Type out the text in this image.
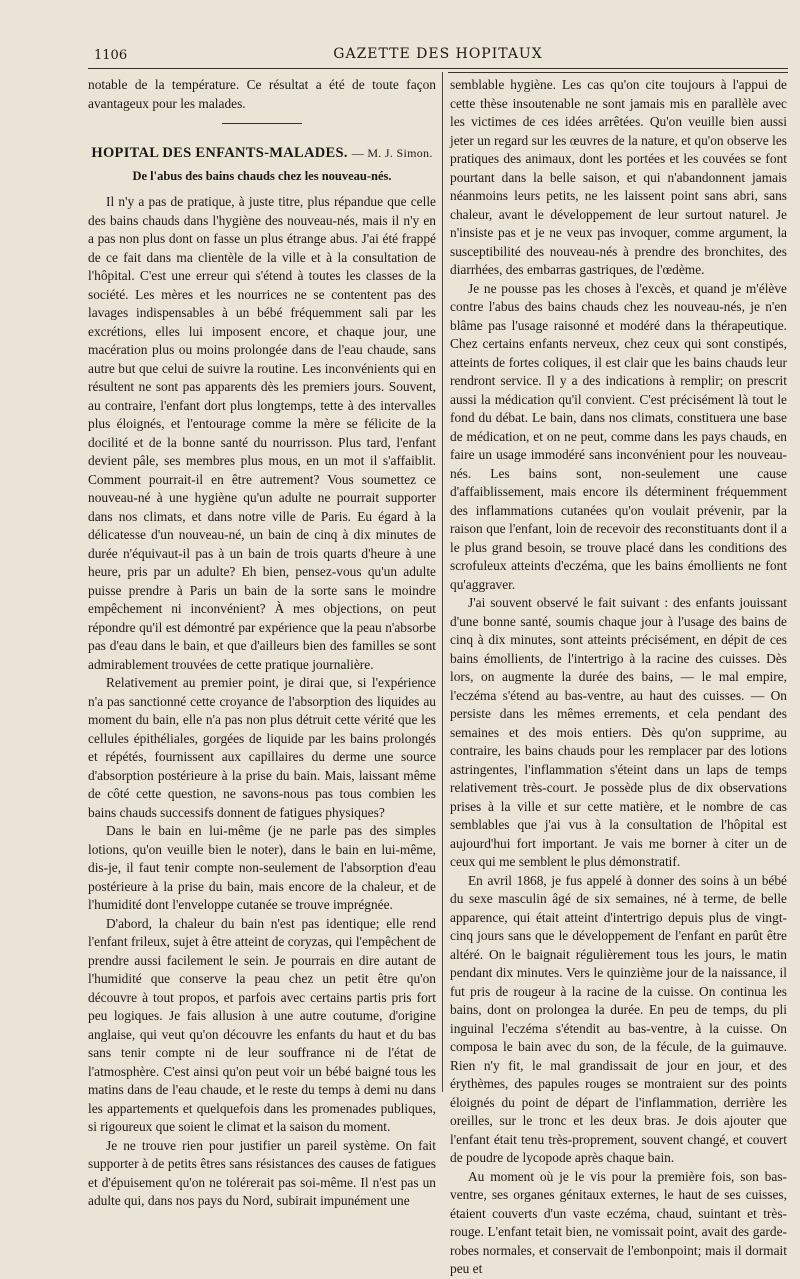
1106	GAZETTE DES HOPITAUX

notable de la température. Ce résultat a été de toute façon avantageux pour les malades.

HOPITAL DES ENFANTS-MALADES. — M. J. Simon.
De l'abus des bains chauds chez les nouveau-nés.

Il n'y a pas de pratique, à juste titre, plus répandue que celle des bains chauds dans l'hygiène des nouveau-nés, mais il n'y en a pas non plus dont on fasse un plus étrange abus. J'ai été frappé de ce fait dans ma clientèle de la ville et à la consultation de l'hôpital. C'est une erreur qui s'étend à toutes les classes de la société. Les mères et les nourrices ne se contentent pas des lavages indispensables à un bébé fréquemment sali par les excrétions, elles lui imposent encore, et chaque jour, une macération plus ou moins prolongée dans de l'eau chaude, sans autre but que celui de suivre la routine. Les inconvénients qui en résultent ne sont pas apparents dès les premiers jours. Souvent, au contraire, l'enfant dort plus longtemps, tette à des intervalles plus éloignés, et l'entourage comme la mère se félicite de la docilité et de la bonne santé du nourrisson. Plus tard, l'enfant devient pâle, ses membres plus mous, en un mot il s'affaiblit. Comment pourrait-il en être autrement? Vous soumettez ce nouveau-né à une hygiène qu'un adulte ne pourrait supporter dans nos climats, et dans notre ville de Paris. Eu égard à la délicatesse d'un nouveau-né, un bain de cinq à dix minutes de durée n'équivaut-il pas à un bain de trois quarts d'heure à une heure, pris par un adulte? Eh bien, pensez-vous qu'un adulte puisse prendre à Paris un bain de la sorte sans le moindre empêchement ni inconvénient? À mes objections, on peut répondre qu'il est démontré par expérience que la peau n'absorbe pas d'eau dans le bain, et que d'ailleurs bien des familles se sont admirablement trouvées de cette pratique journalière.

Relativement au premier point, je dirai que, si l'expérience n'a pas sanctionné cette croyance de l'absorption des liquides au moment du bain, elle n'a pas non plus détruit cette vérité que les cellules épithéliales, gorgées de liquide par les bains prolongés et répétés, fournissent aux capillaires du derme une source d'absorption postérieure à la prise du bain. Mais, laissant même de côté cette question, ne savons-nous pas tous combien les bains chauds successifs donnent de fatigues physiques?

Dans le bain en lui-même (je ne parle pas des simples lotions, qu'on veuille bien le noter), dans le bain en lui-même, dis-je, il faut tenir compte non-seulement de l'absorption d'eau postérieure à la prise du bain, mais encore de la chaleur, et de l'humidité dont l'enveloppe cutanée se trouve imprégnée.

D'abord, la chaleur du bain n'est pas identique; elle rend l'enfant frileux, sujet à être atteint de coryzas, qui l'empêchent de prendre aussi facilement le sein. Je pourrais en dire autant de l'humidité que conserve la peau chez un petit être qu'on découvre à tout propos, et parfois avec certains partis pris fort peu logiques. Je fais allusion à une autre coutume, d'origine anglaise, qui veut qu'on découvre les enfants du haut et du bas sans tenir compte ni de leur souffrance ni de l'état de l'atmosphère. C'est ainsi qu'on peut voir un bébé baigné tous les matins dans de l'eau chaude, et le reste du temps à demi nu dans les appartements et quelquefois dans les promenades publiques, si rigoureux que soient le climat et la saison du moment.

Je ne trouve rien pour justifier un pareil système. On fait supporter à de petits êtres sans résistances des causes de fatigues et d'épuisement qu'on ne tolérerait pas soi-même. Il n'est pas un adulte qui, dans nos pays du Nord, subirait impunément une

semblable hygiène. Les cas qu'on cite toujours à l'appui de cette thèse insoutenable ne sont jamais mis en parallèle avec les victimes de ces idées arrêtées. Qu'on veuille bien aussi jeter un regard sur les œuvres de la nature, et qu'on observe les pratiques des animaux, dont les portées et les couvées se font pourtant dans la belle saison, et qui n'abandonnent jamais néanmoins leurs petits, ne les laissent point sans abri, sans chaleur, avant le développement de leur surtout naturel. Je n'insiste pas et je ne veux pas invoquer, comme argument, la susceptibilité des nouveau-nés à prendre des bronchites, des diarrhées, des embarras gastriques, de l'œdème.

Je ne pousse pas les choses à l'excès, et quand je m'élève contre l'abus des bains chauds chez les nouveau-nés, je n'en blâme pas l'usage raisonné et modéré dans la thérapeutique. Chez certains enfants nerveux, chez ceux qui sont constipés, atteints de fortes coliques, il est clair que les bains chauds leur rendront service. Il y a des indications à remplir; on prescrit aussi la médication qu'il convient. C'est précisément là tout le fond du débat. Le bain, dans nos climats, constituera une base de médication, et on ne peut, comme dans les pays chauds, en faire un usage immodéré sans inconvénient pour les nouveau-nés. Les bains sont, non-seulement une cause d'affaiblissement, mais encore ils déterminent fréquemment des inflammations cutanées qu'on voulait prévenir, par la raison que l'enfant, loin de recevoir des reconstituants dont il a le plus grand besoin, se trouve placé dans les conditions des scrofuleux atteints d'eczéma, que les bains émollients ne font qu'aggraver.

J'ai souvent observé le fait suivant : des enfants jouissant d'une bonne santé, soumis chaque jour à l'usage des bains de cinq à dix minutes, sont atteints précisément, en dépit de ces bains émollients, de l'intertrigo à la racine des cuisses. Dès lors, on augmente la durée des bains, — le mal empire, l'eczéma s'étend au bas-ventre, au haut des cuisses. — On persiste dans les mêmes errements, et cela pendant des semaines et des mois entiers. Dès qu'on supprime, au contraire, les bains chauds pour les remplacer par des lotions astringentes, l'inflammation s'éteint dans un laps de temps relativement très-court. Je possède plus de dix observations prises à la ville et sur cette matière, et le nombre de cas semblables que j'ai vus à la consultation de l'hôpital est aujourd'hui fort important. Je vais me borner à citer un de ceux qui me semblent le plus démonstratif.

En avril 1868, je fus appelé à donner des soins à un bébé du sexe masculin âgé de six semaines, né à terme, de belle apparence, qui était atteint d'intertrigo depuis plus de vingt-cinq jours sans que le développement de l'enfant en parût être altéré. On le baignait régulièrement tous les jours, le matin pendant dix minutes. Vers le quinzième jour de la naissance, il fut pris de rougeur à la racine de la cuisse. On continua les bains, dont on prolongea la durée. En peu de temps, du pli inguinal l'eczéma s'étendit au bas-ventre, à la cuisse. On composa le bain avec du son, de la fécule, de la guimauve. Rien n'y fit, le mal grandissait de jour en jour, et des érythèmes, des papules rouges se montraient sur des points éloignés du point de départ de l'inflammation, derrière les oreilles, sur le tronc et les deux bras. Je dois ajouter que l'enfant était tenu très-proprement, souvent changé, et couvert de poudre de lycopode après chaque bain.

Au moment où je le vis pour la première fois, son bas-ventre, ses organes génitaux externes, le haut de ses cuisses, étaient couverts d'un vaste eczéma, chaud, suintant et très-rouge. L'enfant tetait bien, ne vomissait point, avait des garde-robes normales, et conservait de l'embonpoint; mais il dormait peu et
